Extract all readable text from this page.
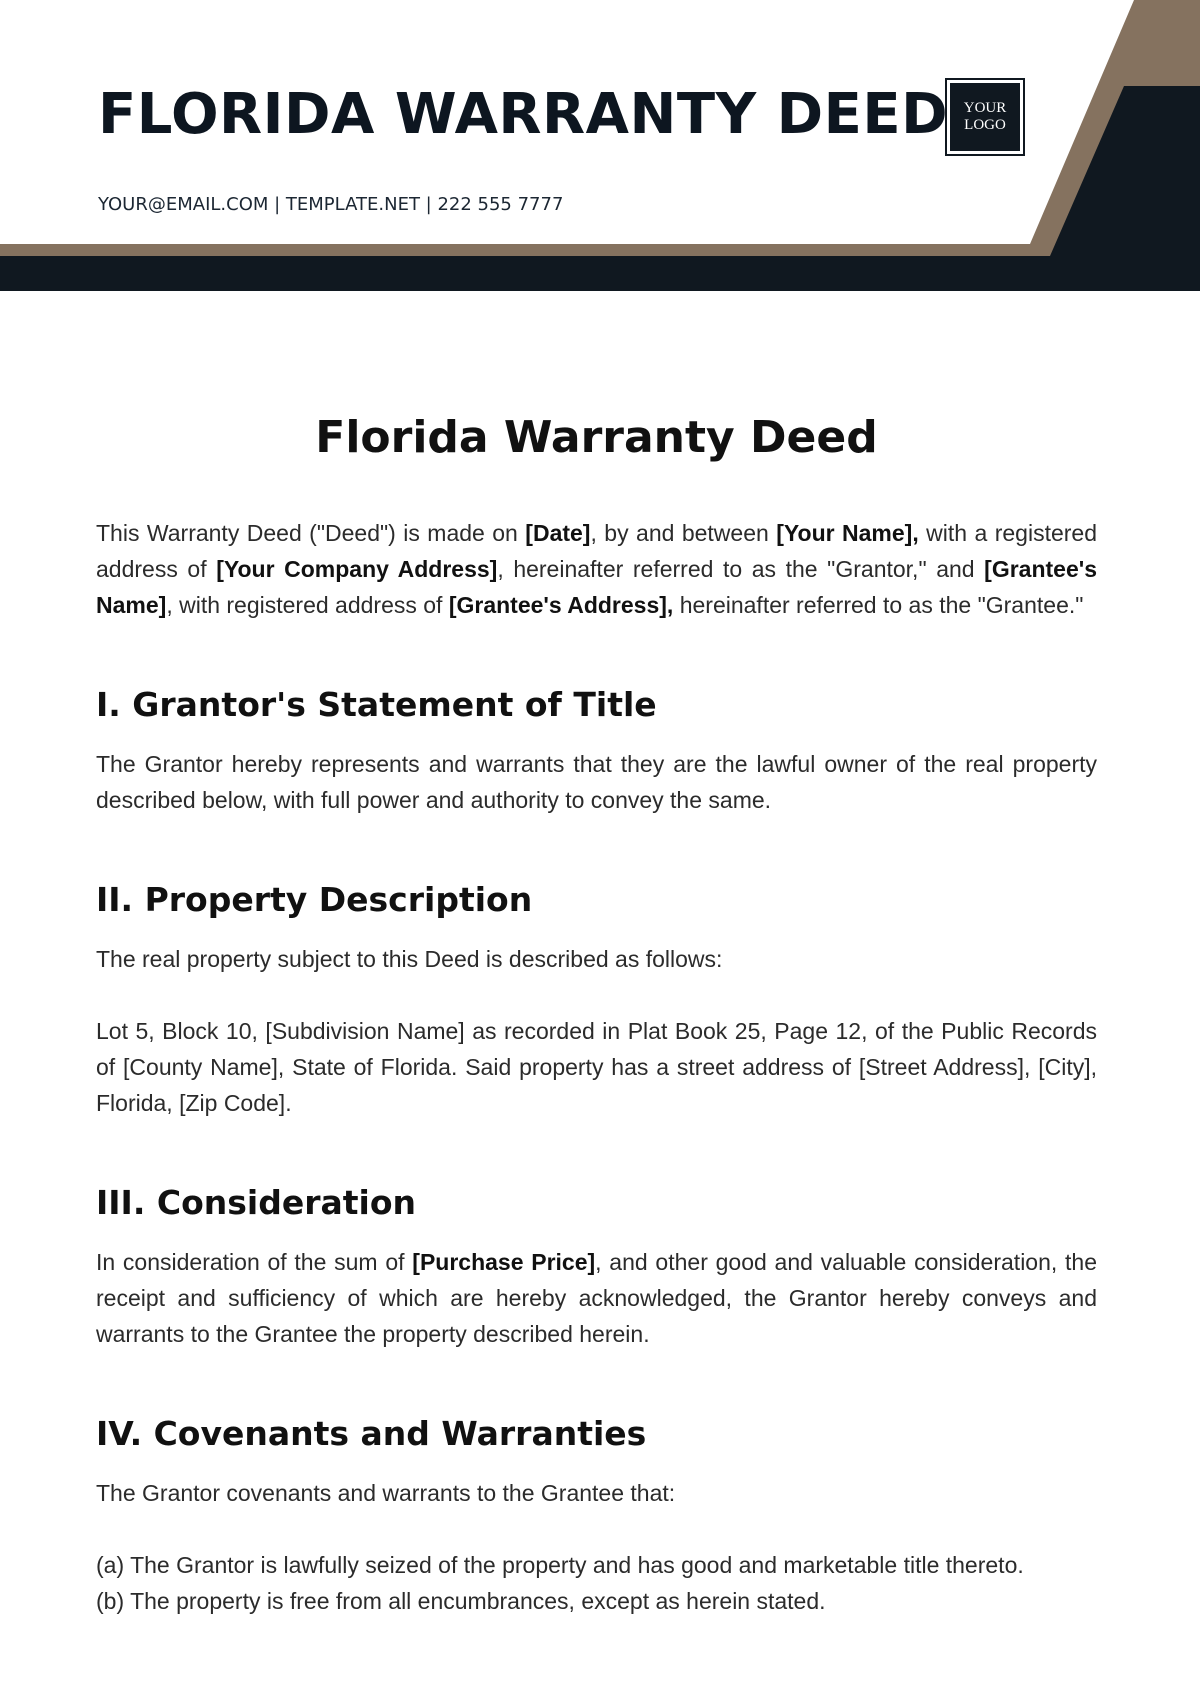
FLORIDA WARRANTY DEED
YOUR@EMAIL.COM | TEMPLATE.NET | 222 555 7777
YOUR
LOGO
Florida Warranty Deed

This Warranty Deed ("Deed") is made on [Date], by and between [Your Name], with a registered address of [Your Company Address], hereinafter referred to as the "Grantor," and [Grantee's Name], with registered address of [Grantee's Address], hereinafter referred to as the "Grantee."

I. Grantor's Statement of Title

The Grantor hereby represents and warrants that they are the lawful owner of the real property described below, with full power and authority to convey the same.

II. Property Description

The real property subject to this Deed is described as follows:

Lot 5, Block 10, [Subdivision Name] as recorded in Plat Book 25, Page 12, of the Public Records of [County Name], State of Florida. Said property has a street address of [Street Address], [City], Florida, [Zip Code].

III. Consideration

In consideration of the sum of [Purchase Price], and other good and valuable consideration, the receipt and sufficiency of which are hereby acknowledged, the Grantor hereby conveys and warrants to the Grantee the property described herein.

IV. Covenants and Warranties

The Grantor covenants and warrants to the Grantee that:

(a) The Grantor is lawfully seized of the property and has good and marketable title thereto.

(b) The property is free from all encumbrances, except as herein stated.
